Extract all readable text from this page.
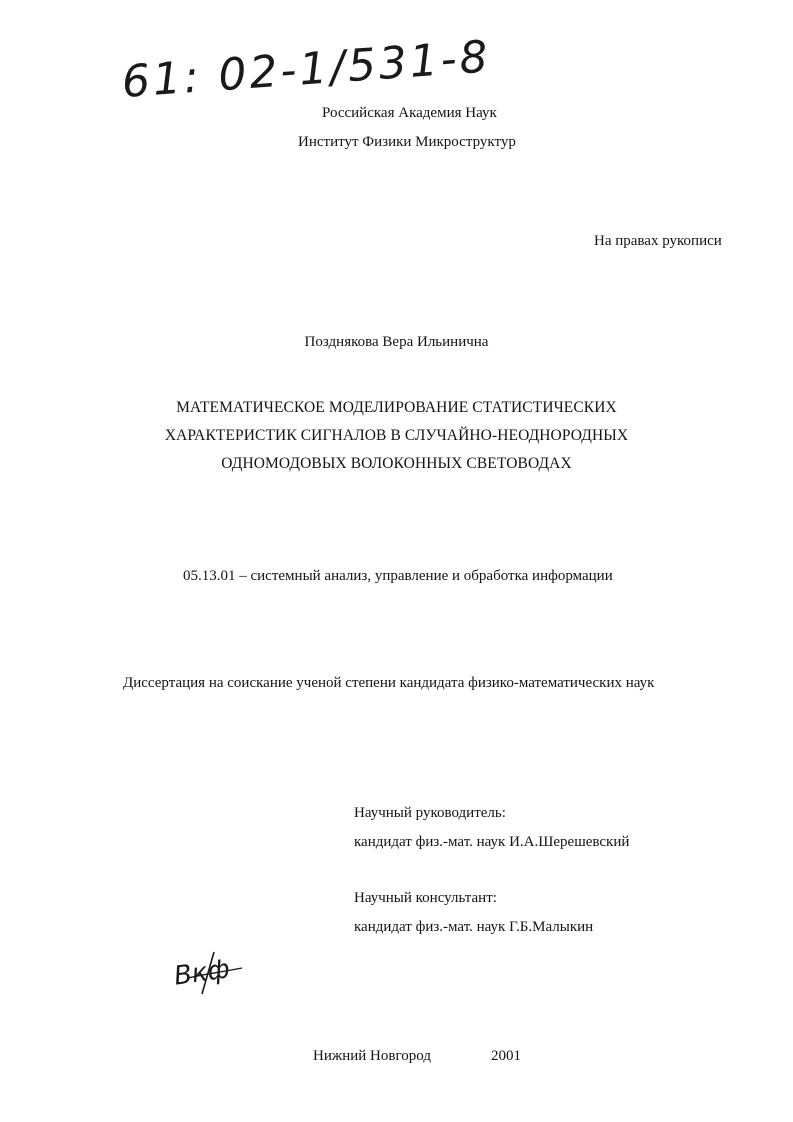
61: 02-1/531-8
Российская Академия Наук
Институт Физики Микроструктур
На правах рукописи
Позднякова Вера Ильинична
МАТЕМАТИЧЕСКОЕ МОДЕЛИРОВАНИЕ СТАТИСТИЧЕСКИХ
ХАРАКТЕРИСТИК СИГНАЛОВ В СЛУЧАЙНО-НЕОДНОРОДНЫХ
ОДНОМОДОВЫХ ВОЛОКОННЫХ СВЕТОВОДАХ
05.13.01 – системный анализ, управление и обработка информации
Диссертация на соискание ученой степени кандидата физико-математических наук
Научный руководитель:
кандидат физ.-мат. наук И.А.Шерешевский
Научный консультант:
кандидат физ.-мат. наук Г.Б.Малыкин
Вкф
Нижний Новгород	2001
